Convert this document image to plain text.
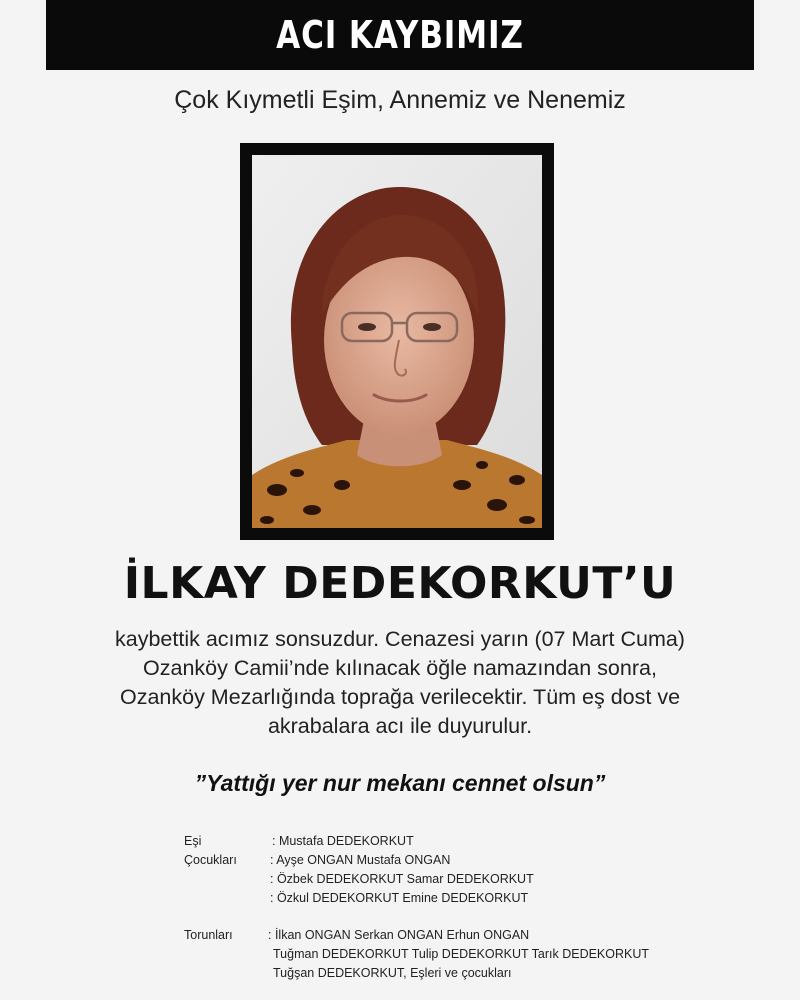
ACI KAYBIMIZ
Çok Kıymetli Eşim, Annemiz ve Nenemiz
İLKAY DEDEKORKUT’U
kaybettik acımız sonsuzdur. Cenazesi yarın (07 Mart Cuma)
Ozanköy Camii’nde kılınacak öğle namazından sonra,
Ozanköy Mezarlığında toprağa verilecektir. Tüm eş dost ve
akrabalara acı ile duyurulur.
”Yattığı yer nur mekanı cennet olsun”
Eşi	: Mustafa DEDEKORKUT
Çocukları	: Ayşe ONGAN Mustafa ONGAN
: Özbek DEDEKORKUT Samar DEDEKORKUT
: Özkul DEDEKORKUT Emine DEDEKORKUT
Torunları	: İlkan ONGAN Serkan ONGAN Erhun ONGAN
Tuğman DEDEKORKUT Tulip DEDEKORKUT Tarık DEDEKORKUT
Tuğşan DEDEKORKUT, Eşleri ve çocukları
